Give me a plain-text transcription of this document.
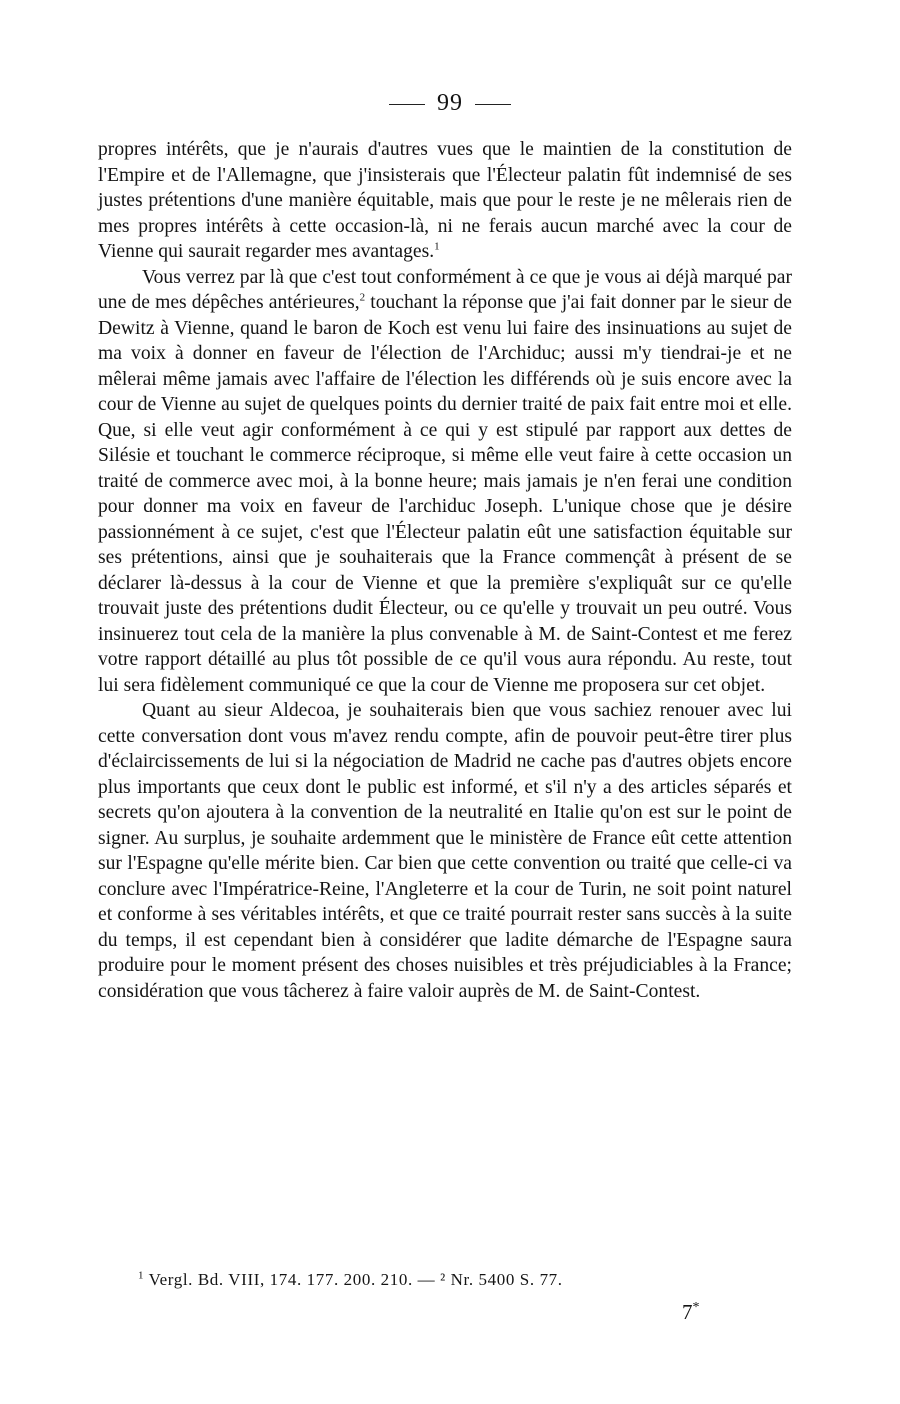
99

propres intérêts, que je n'aurais d'autres vues que le maintien de la constitution de l'Empire et de l'Allemagne, que j'insisterais que l'Électeur palatin fût indemnisé de ses justes prétentions d'une manière équitable, mais que pour le reste je ne mêlerais rien de mes propres intérêts à cette occasion-là, ni ne ferais aucun marché avec la cour de Vienne qui saurait regarder mes avantages.$^1$

Vous verrez par là que c'est tout conformément à ce que je vous ai déjà marqué par une de mes dépêches antérieures,$^2$ touchant la réponse que j'ai fait donner par le sieur de Dewitz à Vienne, quand le baron de Koch est venu lui faire des insinuations au sujet de ma voix à donner en faveur de l'élection de l'Archiduc; aussi m'y tiendrai-je et ne mêlerai même jamais avec l'affaire de l'élection les différends où je suis encore avec la cour de Vienne au sujet de quelques points du dernier traité de paix fait entre moi et elle. Que, si elle veut agir conformément à ce qui y est stipulé par rapport aux dettes de Silésie et touchant le commerce réciproque, si même elle veut faire à cette occasion un traité de commerce avec moi, à la bonne heure; mais jamais je n'en ferai une condition pour donner ma voix en faveur de l'archiduc Joseph. L'unique chose que je désire passionnément à ce sujet, c'est que l'Électeur palatin eût une satisfaction équitable sur ses prétentions, ainsi que je souhaiterais que la France commençât à présent de se déclarer là-dessus à la cour de Vienne et que la première s'expliquât sur ce qu'elle trouvait juste des prétentions dudit Électeur, ou ce qu'elle y trouvait un peu outré. Vous insinuerez tout cela de la manière la plus convenable à M. de Saint-Contest et me ferez votre rapport détaillé au plus tôt possible de ce qu'il vous aura répondu. Au reste, tout lui sera fidèlement communiqué ce que la cour de Vienne me proposera sur cet objet.

Quant au sieur Aldecoa, je souhaiterais bien que vous sachiez renouer avec lui cette conversation dont vous m'avez rendu compte, afin de pouvoir peut-être tirer plus d'éclaircissements de lui si la négociation de Madrid ne cache pas d'autres objets encore plus importants que ceux dont le public est informé, et s'il n'y a des articles séparés et secrets qu'on ajoutera à la convention de la neutralité en Italie qu'on est sur le point de signer. Au surplus, je souhaite ardemment que le ministère de France eût cette attention sur l'Espagne qu'elle mérite bien. Car bien que cette convention ou traité que celle-ci va conclure avec l'Impératrice-Reine, l'Angleterre et la cour de Turin, ne soit point naturel et conforme à ses véritables intérêts, et que ce traité pourrait rester sans succès à la suite du temps, il est cependant bien à considérer que ladite démarche de l'Espagne saura produire pour le moment présent des choses nuisibles et très préjudiciables à la France; considération que vous tâcherez à faire valoir auprès de M. de Saint-Contest.

$^1$ Vergl. Bd. VIII, 174. 177. 200. 210. — ² Nr. 5400 S. 77.
7*
